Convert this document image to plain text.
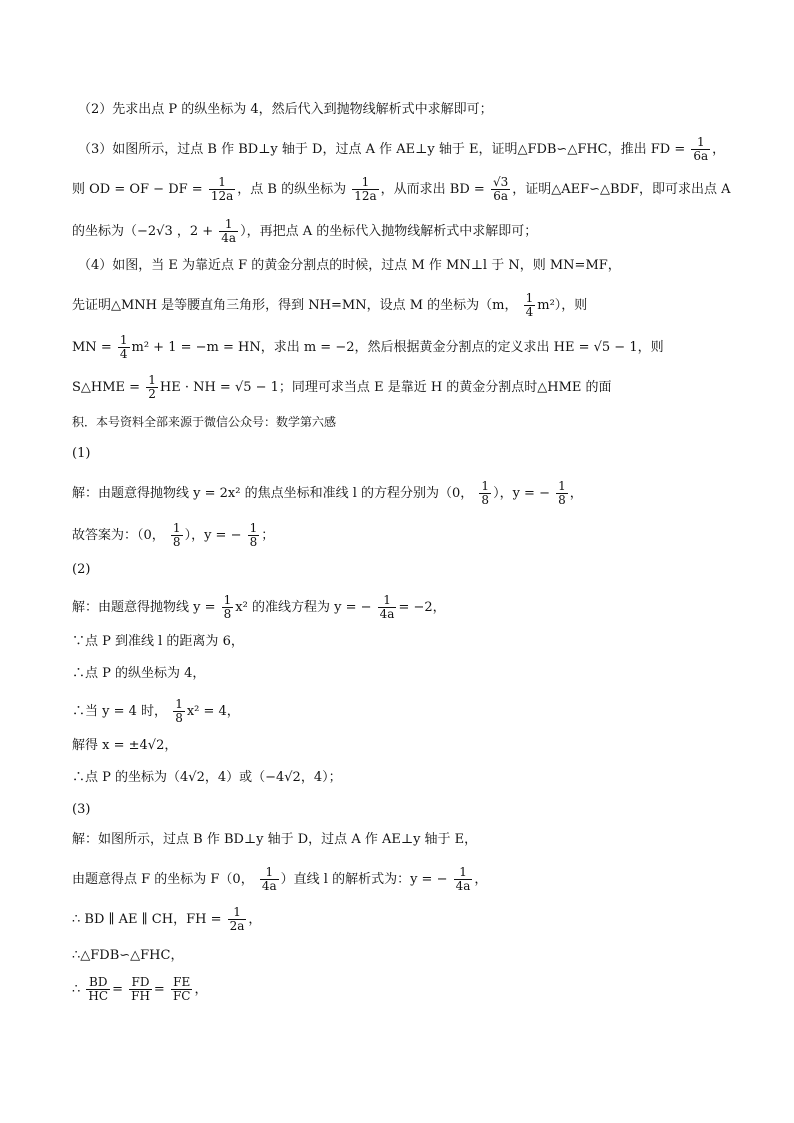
（2）先求出点 P 的纵坐标为 4，然后代入到抛物线解析式中求解即可；
（3）如图所示，过点 B 作 BD⊥y 轴于 D，过点 A 作 AE⊥y 轴于 E，证明△FDB∽△FHC，推出 FD = $\frac{1}{6a}$ ，
则 OD = OF − DF = $\frac{1}{12a}$ ，点 B 的纵坐标为 $\frac{1}{12a}$ ，从而求出 BD = $\frac{√3}{6a}$ ，证明△AEF∽△BDF，即可求出点 A
的坐标为（−2√3 ，$2 + \frac{1}{4a}$ ），再把点 A 的坐标代入抛物线解析式中求解即可；
（4）如图，当 E 为靠近点 F 的黄金分割点的时候，过点 M 作 MN⊥l 于 N，则 MN=MF，
先证明△MNH 是等腰直角三角形，得到 NH=MN，设点 M 的坐标为（m， $\frac{1}{4} m^2$），则
MN = $\frac{1}{4} m^2 + 1 = -m$ = HN，求出 m = −2，然后根据黄金分割点的定义求出 HE = √5 − 1，则
S△HME = $\frac{1}{2}$ HE · NH = √5 − 1；同理可求当点 E 是靠近 H 的黄金分割点时△HME 的面
积．本号资料全部来源于微信公众号：数学第六感
(1)
解：由题意得抛物线 y = 2x² 的焦点坐标和准线 l 的方程分别为（0， $\frac{1}{8}$ ），y = − $\frac{1}{8}$ ，
故答案为：（0， $\frac{1}{8}$ ），y = − $\frac{1}{8}$ ；
(2)
解：由题意得抛物线 $y = \frac{1}{8} x^2$ 的准线方程为 y = − $\frac{1}{4a} = -2$，
∵点 P 到准线 l 的距离为 6，
∴点 P 的纵坐标为 4，
∴当 y = 4 时， $\frac{1}{8} x^2 = 4$，
解得 x = ±4√2，
∴点 P 的坐标为（4√2，4）或（−4√2，4）；
(3)
解：如图所示，过点 B 作 BD⊥y 轴于 D，过点 A 作 AE⊥y 轴于 E，
由题意得点 F 的坐标为 F（0， $\frac{1}{4a}$ ）直线 l 的解析式为：y = − $\frac{1}{4a}$ ，
∴ BD ∥ AE ∥ CH，FH = $\frac{1}{2a}$ ，
∴△FDB∽△FHC，
∴ $\frac{BD}{HC} = \frac{FD}{FH} = \frac{FE}{FC}$ ，
